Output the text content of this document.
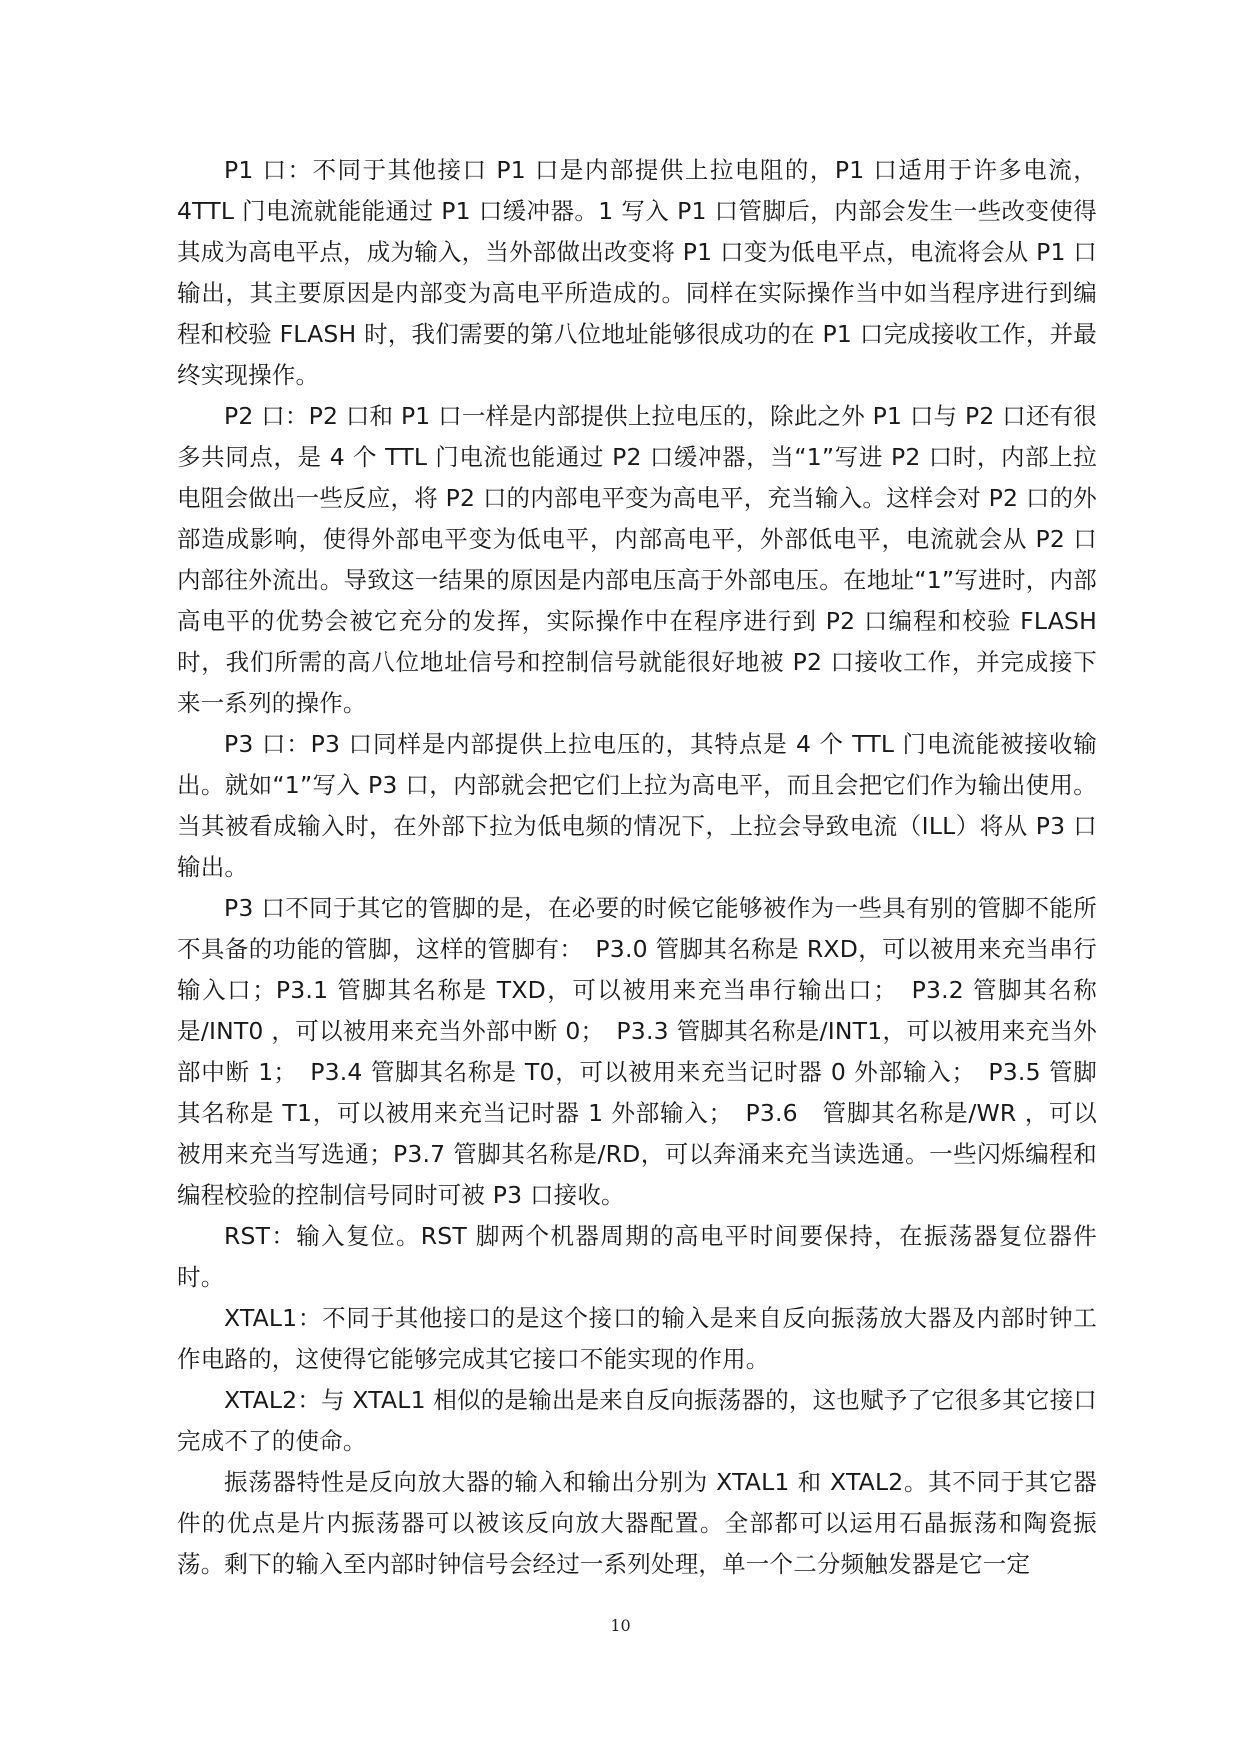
P1 口：不同于其他接口 P1 口是内部提供上拉电阻的，P1 口适用于许多电流，4TTL 门电流就能能通过 P1 口缓冲器。1 写入 P1 口管脚后，内部会发生一些改变使得其成为高电平点，成为输入，当外部做出改变将 P1 口变为低电平点，电流将会从 P1 口输出，其主要原因是内部变为高电平所造成的。同样在实际操作当中如当程序进行到编程和校验 FLASH 时，我们需要的第八位地址能够很成功的在 P1 口完成接收工作，并最终实现操作。

P2 口：P2 口和 P1 口一样是内部提供上拉电压的，除此之外 P1 口与 P2 口还有很多共同点，是 4 个 TTL 门电流也能通过 P2 口缓冲器，当“1”写进 P2 口时，内部上拉电阻会做出一些反应，将 P2 口的内部电平变为高电平，充当输入。这样会对 P2 口的外部造成影响，使得外部电平变为低电平，内部高电平，外部低电平，电流就会从 P2 口内部往外流出。导致这一结果的原因是内部电压高于外部电压。在地址“1”写进时，内部高电平的优势会被它充分的发挥，实际操作中在程序进行到 P2 口编程和校验 FLASH 时，我们所需的高八位地址信号和控制信号就能很好地被 P2 口接收工作，并完成接下来一系列的操作。

P3 口：P3 口同样是内部提供上拉电压的，其特点是 4 个 TTL 门电流能被接收输出。就如“1”写入 P3 口，内部就会把它们上拉为高电平，而且会把它们作为输出使用。当其被看成输入时，在外部下拉为低电频的情况下，上拉会导致电流（ILL）将从 P3 口输出。

P3 口不同于其它的管脚的是，在必要的时候它能够被作为一些具有别的管脚不能所不具备的功能的管脚，这样的管脚有：　P3.0 管脚其名称是 RXD，可以被用来充当串行输入口；P3.1 管脚其名称是 TXD，可以被用来充当串行输出口；　P3.2 管脚其名称是/INT0 ，可以被用来充当外部中断 0；　P3.3 管脚其名称是/INT1，可以被用来充当外部中断 1；　P3.4 管脚其名称是 T0，可以被用来充当记时器 0 外部输入；　P3.5 管脚其名称是 T1，可以被用来充当记时器 1 外部输入；　P3.6　管脚其名称是/WR ，可以被用来充当写选通；P3.7 管脚其名称是/RD，可以奔涌来充当读选通。一些闪烁编程和编程校验的控制信号同时可被 P3 口接收。

RST：输入复位。RST 脚两个机器周期的高电平时间要保持，在振荡器复位器件时。

XTAL1：不同于其他接口的是这个接口的输入是来自反向振荡放大器及内部时钟工作电路的，这使得它能够完成其它接口不能实现的作用。

XTAL2：与 XTAL1 相似的是输出是来自反向振荡器的，这也赋予了它很多其它接口完成不了的使命。

振荡器特性是反向放大器的输入和输出分别为 XTAL1 和 XTAL2。其不同于其它器件的优点是片内振荡器可以被该反向放大器配置。全部都可以运用石晶振荡和陶瓷振荡。剩下的输入至内部时钟信号会经过一系列处理，单一个二分频触发器是它一定

10
